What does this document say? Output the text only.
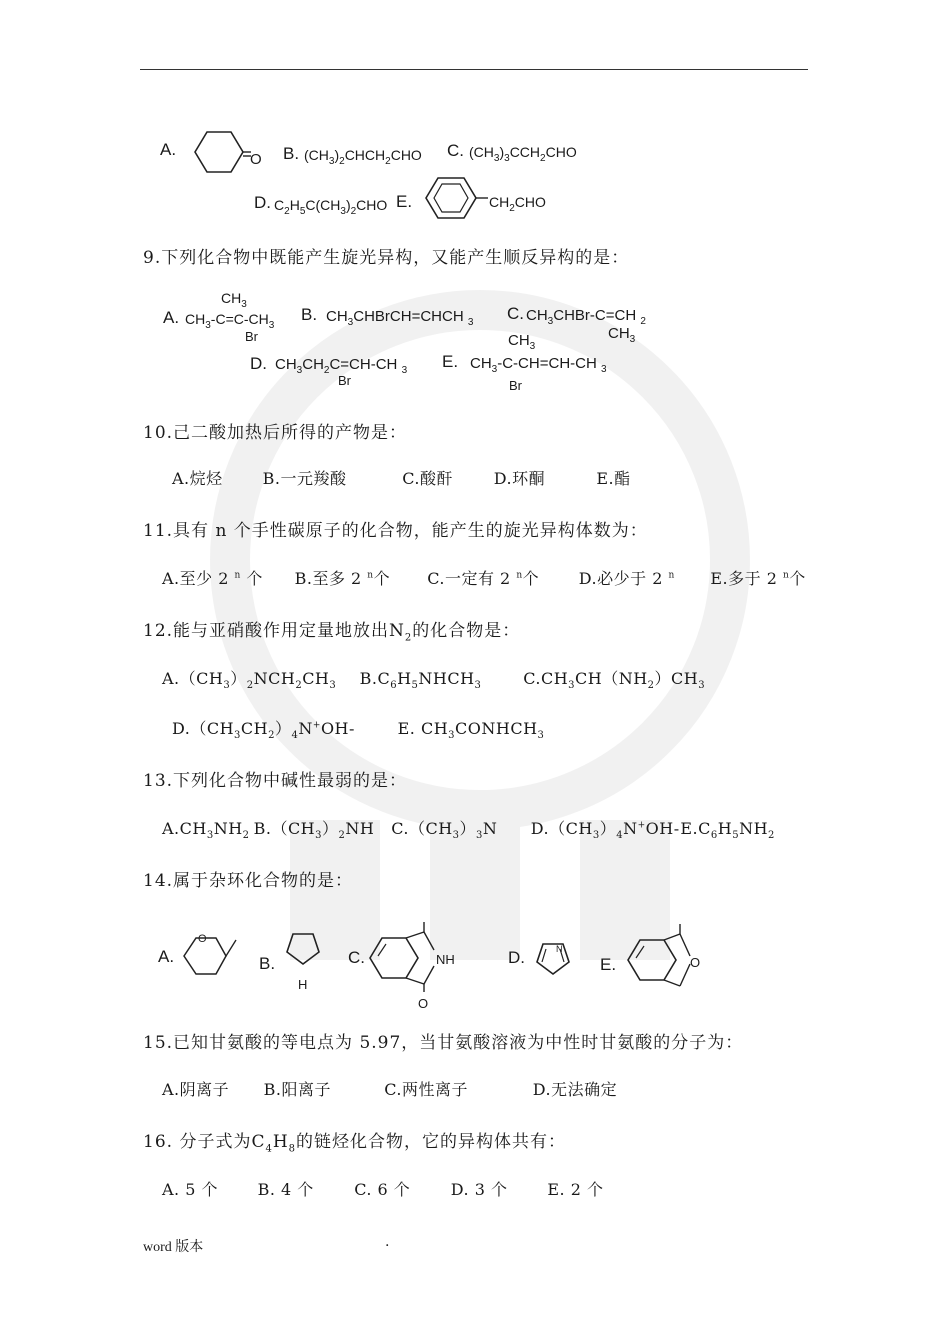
A.
O B. $(CH_3)_2CHCH_2CHO$ C. $(CH_3)_3CCH_2CHO$
D. $C_2H_5C(CH_3)_2CHO$ E.	$CH_2CHO$
9.下列化合物中既能产生旋光异构，又能产生顺反异构的是：
A.
$CH_3$
$CH_3-C=C-CH_3$
Br
B. $CH_3CHBrCH=CHCH$ $_3$ C. $CH_3CHBr-C=CH$ $_2$
$CH_3$
D. $CH_3CH_2C=CH-CH$ $_3$
Br
E.
$CH_3$
$CH_3-C-CH=CH-CH$ $_3$
Br
10.己二酸加热后所得的产物是：
A.烷烃 B.一元羧酸	C.酸酐	D.环酮	E.酯
11.具有 n 个手性碳原子的化合物，能产生的旋光异构体数为：
A.至少 2 $^n$ 个 B.至多 2 $^n$个 C.一定有 2 $^n$个 D.必少于 2 $^n$ E.多于 2 $^n$个
12.能与亚硝酸作用定量地放出$N_2$的化合物是：
$A.(CH_3)_2NCH_2CH_3$ $B.C_6H_5NHCH_3$	$C.CH_3CH(NH_2)CH_3$
$D.(CH_3CH_2)_4N^+OH-$	E. $CH_3CONHCH_3$
13.下列化合物中碱性最弱的是：
$A.CH_3NH_2$ $B.(CH_3)_2NH$ $C.(CH_3)_3N$ $D.(CH_3)_4N^+OH-$ $E.C_6H_5NH_2$
14.属于杂环化合物的是：
A.
O
B.
H
C.	NH
O
D.	N
E.	O
15.已知甘氨酸的等电点为 5.97，当甘氨酸溶液为中性时甘氨酸的分子为：
A.阴离子 B.阳离子	C.两性离子	D.无法确定
16. 分子式为$C_4H_8$的链烃化合物，它的异构体共有：
A. 5 个 B. 4 个	C. 6 个	D. 3 个 E. 2 个
word 版本	.
